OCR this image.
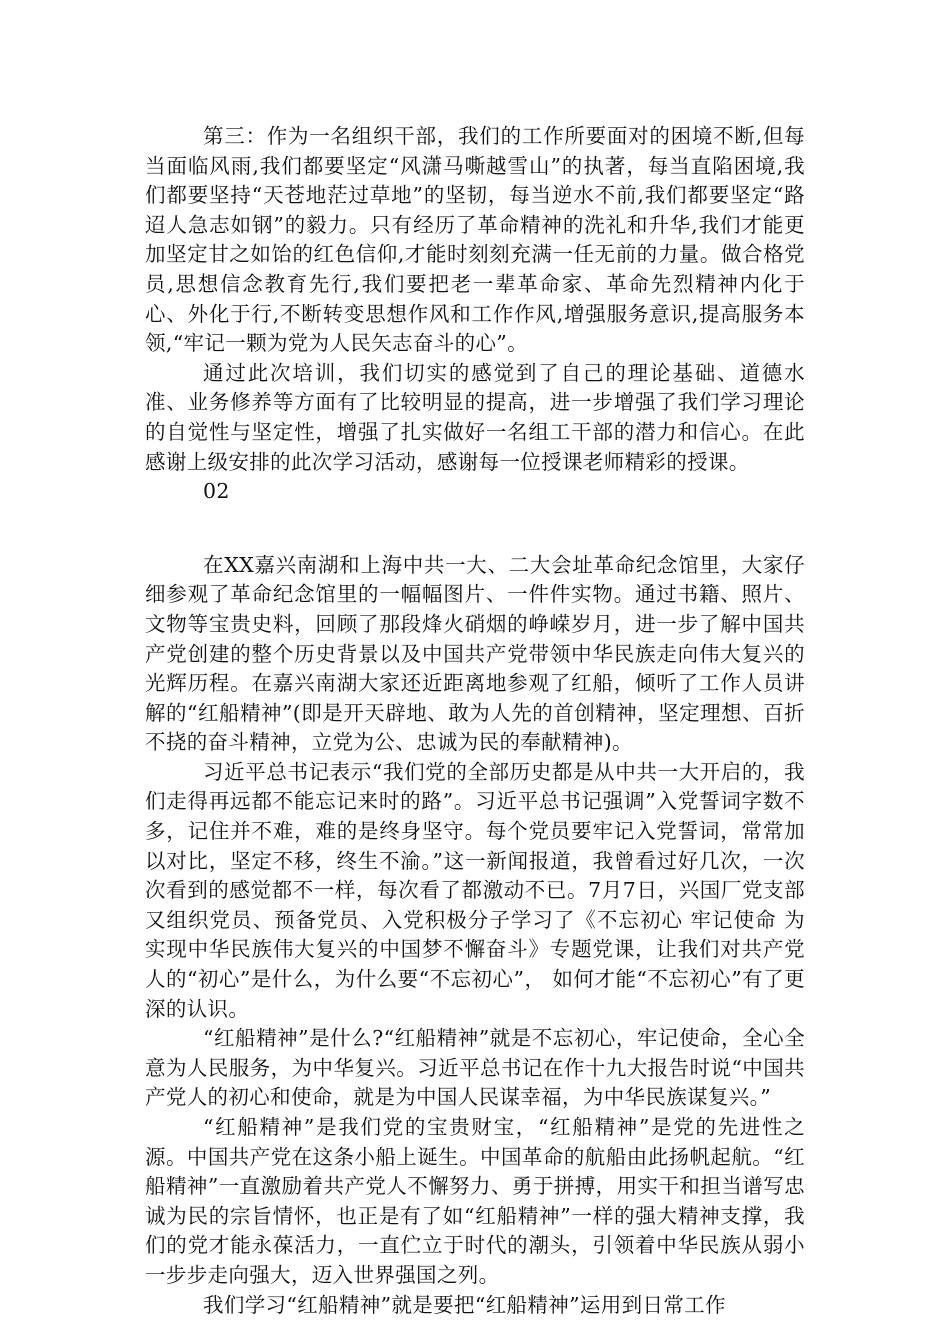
第三：作为一名组织干部，我们的工作所要面对的困境不断,但每当面临风雨,我们都要坚定“风潇马嘶越雪山”的执著，每当直陷困境,我们都要坚持“天苍地茫过草地”的坚韧，每当逆水不前,我们都要坚定“路迢人急志如钢”的毅力。只有经历了革命精神的洗礼和升华,我们才能更加坚定甘之如饴的红色信仰,才能时刻刻充满一任无前的力量。做合格党员,思想信念教育先行,我们要把老一辈革命家、革命先烈精神内化于心、外化于行,不断转变思想作风和工作作风,增强服务意识,提高服务本领,“牢记一颗为党为人民矢志奋斗的心”。

通过此次培训，我们切实的感觉到了自己的理论基础、道德水准、业务修养等方面有了比较明显的提高，进一步增强了我们学习理论的自觉性与坚定性，增强了扎实做好一名组工干部的潜力和信心。在此感谢上级安排的此次学习活动，感谢每一位授课老师精彩的授课。

02

在XX嘉兴南湖和上海中共一大、二大会址革命纪念馆里，大家仔细参观了革命纪念馆里的一幅幅图片、一件件实物。通过书籍、照片、文物等宝贵史料，回顾了那段烽火硝烟的峥嵘岁月，进一步了解中国共产党创建的整个历史背景以及中国共产党带领中华民族走向伟大复兴的光辉历程。在嘉兴南湖大家还近距离地参观了红船，倾听了工作人员讲解的“红船精神”(即是开天辟地、敢为人先的首创精神，坚定理想、百折不挠的奋斗精神，立党为公、忠诚为民的奉献精神)。

习近平总书记表示“我们党的全部历史都是从中共一大开启的，我们走得再远都不能忘记来时的路”。习近平总书记强调”入党誓词字数不多，记住并不难，难的是终身坚守。每个党员要牢记入党誓词，常常加以对比，坚定不移，终生不渝。”这一新闻报道，我曾看过好几次，一次次看到的感觉都不一样，每次看了都激动不已。7月7日，兴国厂党支部又组织党员、预备党员、入党积极分子学习了《不忘初心 牢记使命 为实现中华民族伟大复兴的中国梦不懈奋斗》专题党课，让我们对共产党人的“初心”是什么，为什么要“不忘初心”， 如何才能“不忘初心”有了更深的认识。

“红船精神”是什么?“红船精神”就是不忘初心，牢记使命，全心全意为人民服务，为中华复兴。习近平总书记在作十九大报告时说“中国共产党人的初心和使命，就是为中国人民谋幸福，为中华民族谋复兴。”

“红船精神”是我们党的宝贵财宝，“红船精神”是党的先进性之源。中国共产党在这条小船上诞生。中国革命的航船由此扬帆起航。“红船精神”一直激励着共产党人不懈努力、勇于拼搏，用实干和担当谱写忠诚为民的宗旨情怀，也正是有了如“红船精神”一样的强大精神支撑，我们的党才能永葆活力，一直伫立于时代的潮头，引领着中华民族从弱小一步步走向强大，迈入世界强国之列。

我们学习“红船精神”就是要把“红船精神”运用到日常工作
